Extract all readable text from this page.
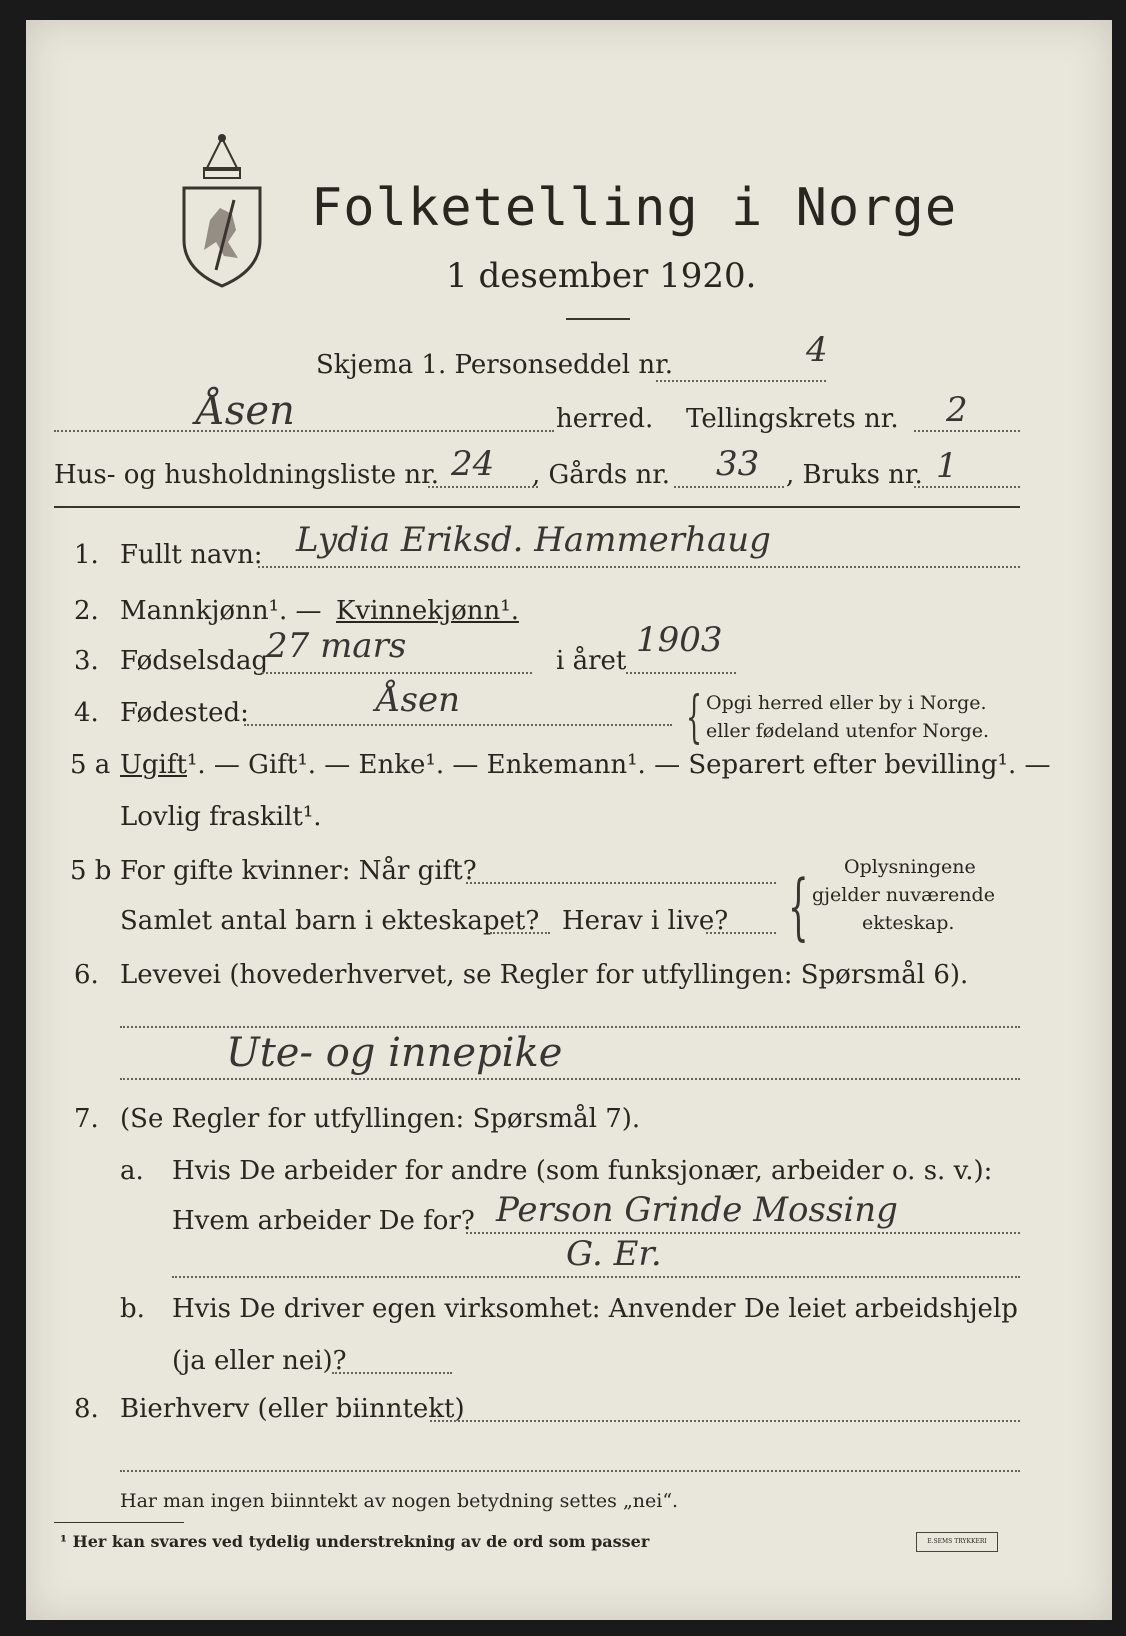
Folketelling i Norge
1 desember 1920.
Skjema 1. Personseddel nr.	4
Åsen	herred. Tellingskrets nr. 2
Hus- og husholdningsliste nr. 24 , Gårds nr. 33 , Bruks nr. 1
1. Fullt navn: Lydia Eriksd. Hammerhaug
2. Mannkjønn¹. — Kvinnekjønn¹.
3. Fødselsdag
27 mars	i året
1903
4. Fødested:	Åsen	{ Opgi herred eller by i Norge.
eller fødeland utenfor Norge.
5 a Ugift¹. — Gift¹. — Enke¹. — Enkemann¹. — Separert efter bevilling¹. —
Lovlig fraskilt¹.
5 b For gifte kvinner: Når gift?
Samlet antal barn i ekteskapet? Herav i live? { Oplysningene
gjelder nuværende
ekteskap.
6. Levevei (hovederhvervet, se Regler for utfyllingen: Spørsmål 6).
Ute- og innepike
7. (Se Regler for utfyllingen: Spørsmål 7).
a. Hvis De arbeider for andre (som funksjonær, arbeider o. s. v.):
Hvem arbeider De for? Person Grinde Mossing
G. Er.
b. Hvis De driver egen virksomhet: Anvender De leiet arbeidshjelp
(ja eller nei)?
8. Bierhverv (eller biinntekt)
Har man ingen biinntekt av nogen betydning settes „nei“.
¹ Her kan svares ved tydelig understrekning av de ord som passer	E.SEMS TRYKKERI
